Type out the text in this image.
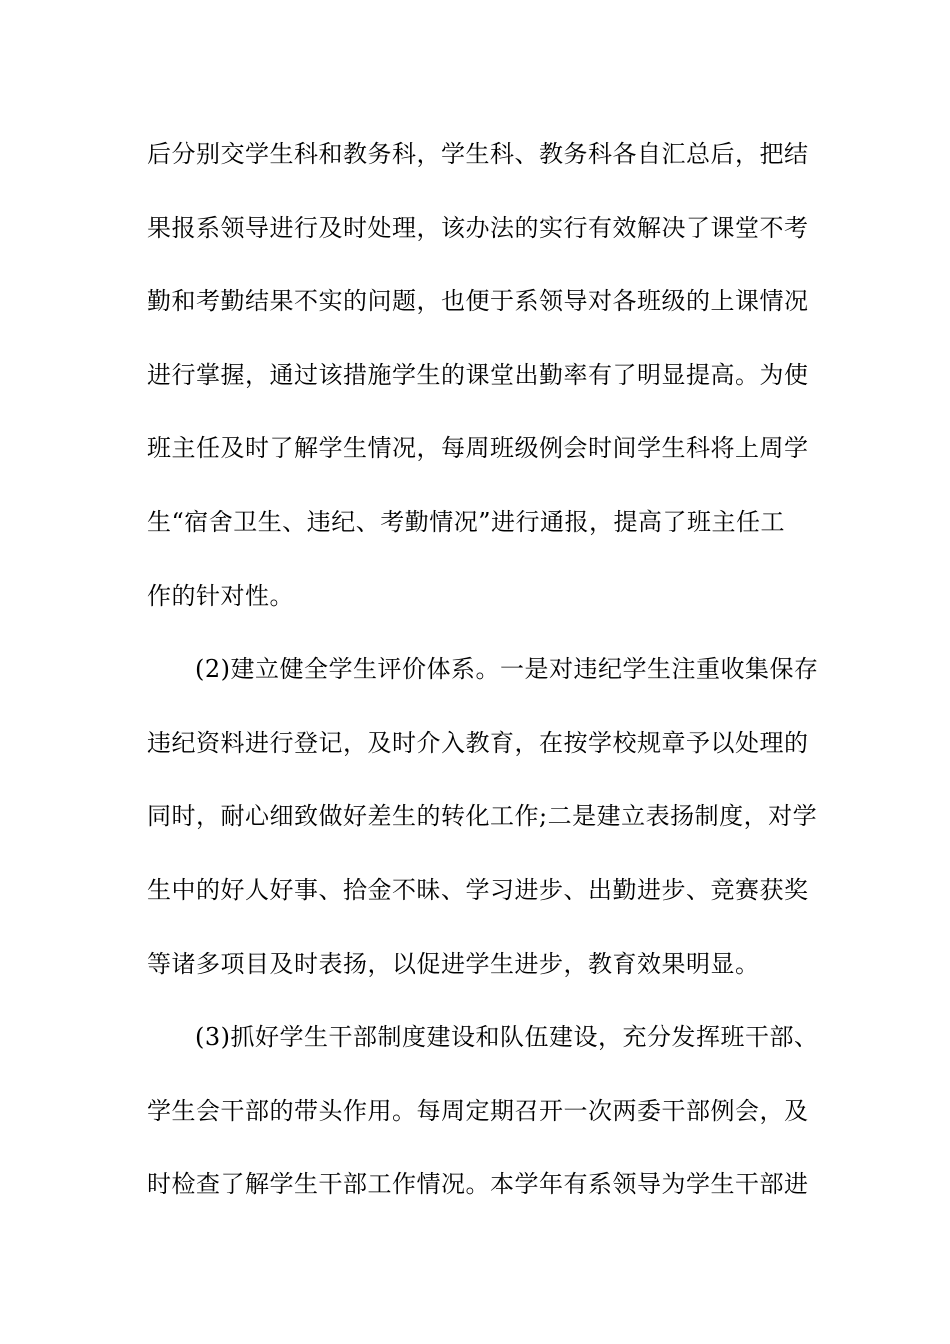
后分别交学生科和教务科，学生科、教务科各自汇总后，把结
果报系领导进行及时处理，该办法的实行有效解决了课堂不考
勤和考勤结果不实的问题，也便于系领导对各班级的上课情况
进行掌握，通过该措施学生的课堂出勤率有了明显提高。为使
班主任及时了解学生情况，每周班级例会时间学生科将上周学
生“宿舍卫生、违纪、考勤情况”进行通报，提高了班主任工
作的针对性。
(2)建立健全学生评价体系。一是对违纪学生注重收集保存
违纪资料进行登记，及时介入教育，在按学校规章予以处理的
同时，耐心细致做好差生的转化工作;二是建立表扬制度，对学
生中的好人好事、拾金不昧、学习进步、出勤进步、竞赛获奖
等诸多项目及时表扬，以促进学生进步，教育效果明显。
(3)抓好学生干部制度建设和队伍建设，充分发挥班干部、
学生会干部的带头作用。每周定期召开一次两委干部例会，及
时检查了解学生干部工作情况。本学年有系领导为学生干部进
